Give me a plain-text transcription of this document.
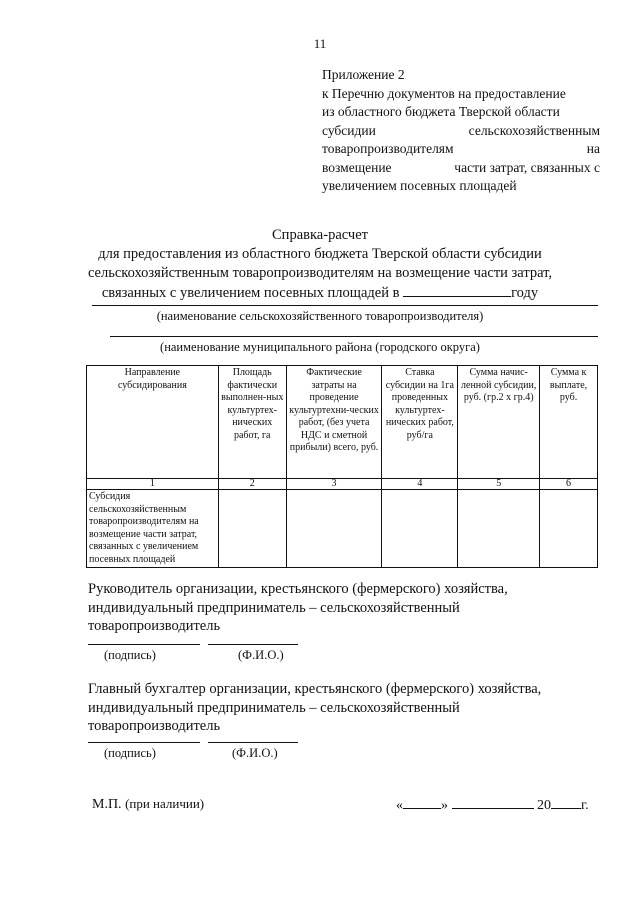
11
Приложение 2
к Перечню документов на предоставление
из областного бюджета Тверской области
субсидии	сельскохозяйственным
товаропроизводителям	на
возмещение	части затрат, связанных с
увеличением посевных площадей
Справка-расчет
для предоставления из областного бюджета Тверской области субсидии
сельскохозяйственным товаропроизводителям на возмещение части затрат,
связанных с увеличением посевных площадей в	году
(наименование сельскохозяйственного товаропроизводителя)
(наименование муниципального района (городского округа)
Направление субсидирования	Площадь фактически выполнен-ных культуртех-нических работ, га	Фактические затраты на проведение культуртехни-ческих работ, (без учета НДС и сметной прибыли) всего, руб.	Ставка субсидии на 1га проведенных культуртех-нических работ, руб/га	Сумма начис-ленной субсидии, руб. (гр.2 х гр.4)	Сумма к выплате, руб.
1	2	3	4	5	6
Субсидия сельскохозяйственным товаропроизводителям на возмещение части затрат, связанных с увеличением посевных площадей					
Руководитель организации, крестьянского (фермерского) хозяйства,
индивидуальный предприниматель – сельскохозяйственный
товаропроизводитель
(подпись)	(Ф.И.О.)
Главный бухгалтер организации, крестьянского (фермерского) хозяйства,
индивидуальный предприниматель – сельскохозяйственный
товаропроизводитель
(подпись)	(Ф.И.О.)
М.П. (при наличии)	«	»	20 г.
